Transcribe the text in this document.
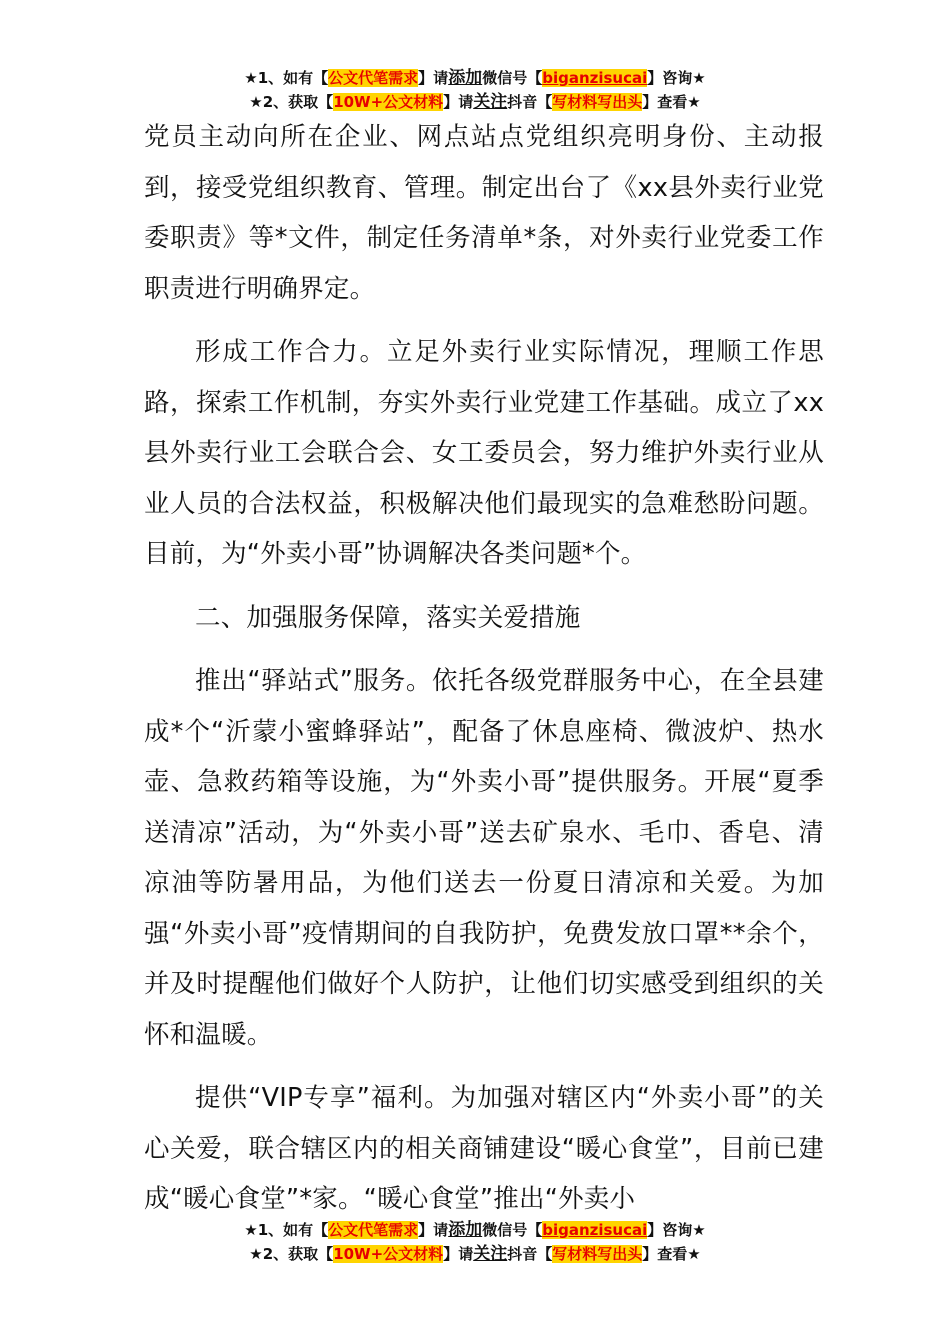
★1、如有【公文代笔需求】请添加微信号【biganzisucai】咨询★
★2、获取【10W+公文材料】请关注抖音【写材料写出头】查看★

党员主动向所在企业、网点站点党组织亮明身份、主动报到，接受党组织教育、管理。制定出台了《xx县外卖行业党委职责》等*文件，制定任务清单*条，对外卖行业党委工作职责进行明确界定。

形成工作合力。立足外卖行业实际情况，理顺工作思路，探索工作机制，夯实外卖行业党建工作基础。成立了xx县外卖行业工会联合会、女工委员会，努力维护外卖行业从业人员的合法权益，积极解决他们最现实的急难愁盼问题。目前，为“外卖小哥”协调解决各类问题*个。

二、加强服务保障，落实关爱措施

推出“驿站式”服务。依托各级党群服务中心，在全县建成*个“沂蒙小蜜蜂驿站”，配备了休息座椅、微波炉、热水壶、急救药箱等设施，为“外卖小哥”提供服务。开展“夏季送清凉”活动，为“外卖小哥”送去矿泉水、毛巾、香皂、清凉油等防暑用品，为他们送去一份夏日清凉和关爱。为加强“外卖小哥”疫情期间的自我防护，免费发放口罩**余个，并及时提醒他们做好个人防护，让他们切实感受到组织的关怀和温暖。

提供“VIP专享”福利。为加强对辖区内“外卖小哥”的关心关爱，联合辖区内的相关商铺建设“暖心食堂”，目前已建成“暖心食堂”*家。“暖心食堂”推出“外卖小

★1、如有【公文代笔需求】请添加微信号【biganzisucai】咨询★
★2、获取【10W+公文材料】请关注抖音【写材料写出头】查看★
